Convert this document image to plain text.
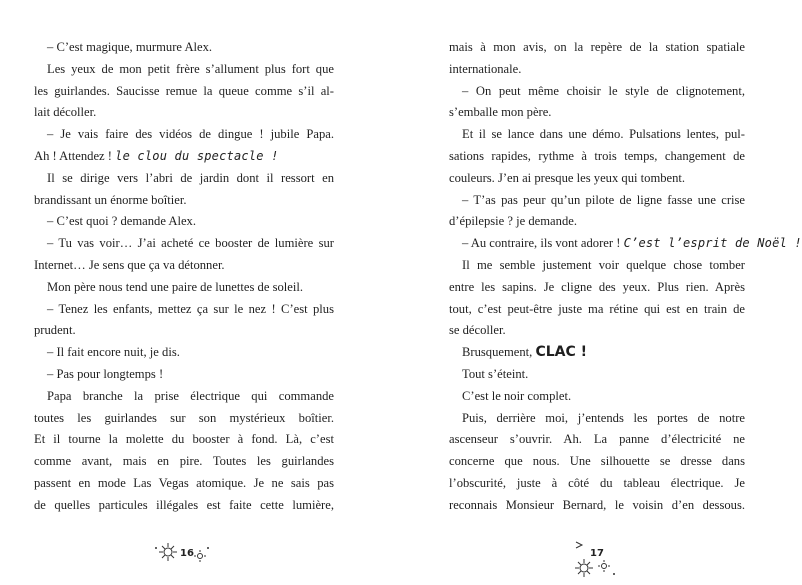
– C’est magique, murmure Alex.
Les yeux de mon petit frère s’allument plus fort que
les guirlandes. Saucisse remue la queue comme s’il al-
lait décoller.
– Je vais faire des vidéos de dingue ! jubile Papa.
Ah ! Attendez ! le clou du spectacle !
Il se dirige vers l’abri de jardin dont il ressort en
brandissant un énorme boîtier.
– C’est quoi ? demande Alex.
– Tu vas voir… J’ai acheté ce booster de lumière sur
Internet… Je sens que ça va détonner.
Mon père nous tend une paire de lunettes de soleil.
– Tenez les enfants, mettez ça sur le nez ! C’est plus
prudent.
– Il fait encore nuit, je dis.
– Pas pour longtemps !
Papa branche la prise électrique qui commande
toutes les guirlandes sur son mystérieux boîtier.
Et il tourne la molette du booster à fond. Là, c’est
comme avant, mais en pire. Toutes les guirlandes
passent en mode Las Vegas atomique. Je ne sais pas
de quelles particules illégales est faite cette lumière,
mais à mon avis, on la repère de la station spatiale
internationale.
– On peut même choisir le style de clignotement,
s’emballe mon père.
Et il se lance dans une démo. Pulsations lentes, pul-
sations rapides, rythme à trois temps, changement de
couleurs. J’en ai presque les yeux qui tombent.
– T’as pas peur qu’un pilote de ligne fasse une crise
d’épilepsie ? je demande.
– Au contraire, ils vont adorer ! C’est l’esprit de Noël !
Il me semble justement voir quelque chose tomber
entre les sapins. Je cligne des yeux. Plus rien. Après
tout, c’est peut-être juste ma rétine qui est en train de
se décoller.
Brusquement, CLAC !
Tout s’éteint.
C’est le noir complet.
Puis, derrière moi, j’entends les portes de notre
ascenseur s’ouvrir. Ah. La panne d’électricité ne
concerne que nous. Une silhouette se dresse dans
l’obscurité, juste à côté du tableau électrique. Je
reconnais Monsieur Bernard, le voisin d’en dessous.
16	17
